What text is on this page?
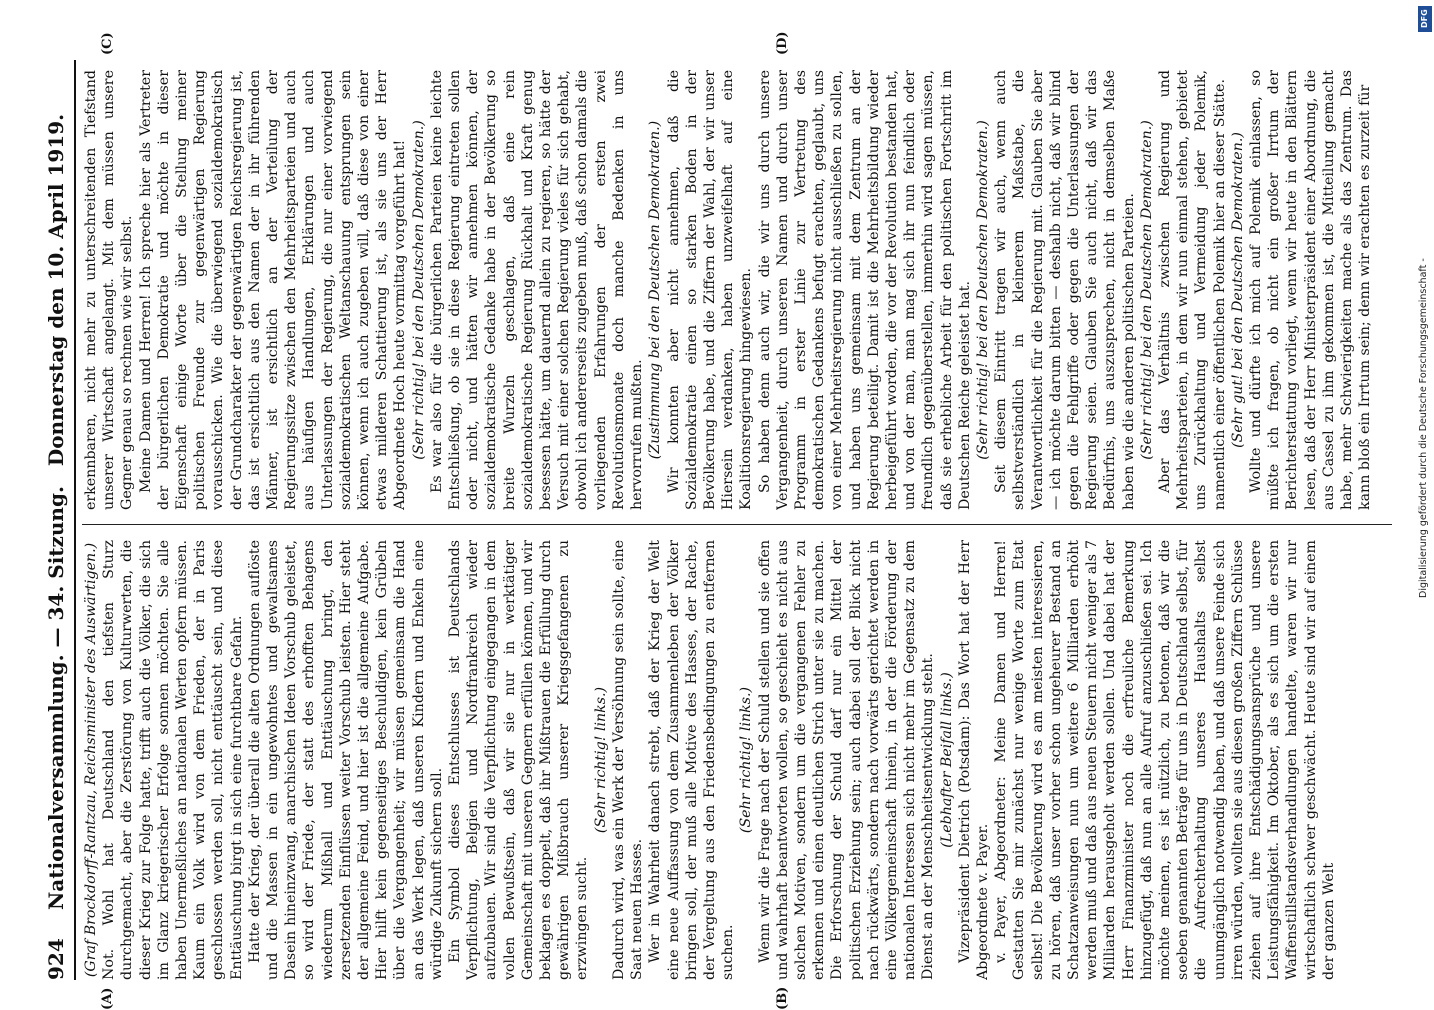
924
Nationalversammlung. — 34. Sitzung.
Donnerstag den 10. April 1919.
(A)	(B)
(C)	(D)

(Graf Brockdorff-Rantzau, Reichsminister des Auswärtigen.) Not. Wohl hat Deutschland den tiefsten Sturz durchgemacht, aber die Zerstörung von Kulturwerten, die dieser Krieg zur Folge hatte, trifft auch die Völker, die sich im Glanz kriegerischer Erfolge sonnen möchten. Sie alle haben Unermeßliches an nationalen Werten opfern müssen. Kaum ein Volk wird von dem Frieden, der in Paris geschlossen werden soll, nicht enttäuscht sein, und diese Enttäuschung birgt in sich eine furchtbare Gefahr. Hatte der Krieg, der überall die alten Ordnungen auflöste und die Massen in ein ungewohntes und gewaltsames Dasein hineinzwang, anarchischen Ideen Vorschub geleistet, so wird der Friede, der statt des erhofften Behagens wiederum Mißhall und Enttäuschung bringt, den zersetzenden Einflüssen weiter Vorschub leisten. Hier steht der allgemeine Feind, und hier ist die allgemeine Aufgabe. Hier hilft kein gegenseitiges Beschuldigen, kein Grübeln über die Vergangenheit; wir müssen gemeinsam die Hand an das Werk legen, daß unseren Kindern und Enkeln eine würdige Zukunft sichern soll. Ein Symbol dieses Entschlusses ist Deutschlands Verpflichtung, Belgien und Nordfrankreich wieder aufzubauen. Wir sind die Verpflichtung eingegangen in dem vollen Bewußtsein, daß wir sie nur in werktätiger Gemeinschaft mit unseren Gegnern erfüllen können, und wir beklagen es doppelt, daß ihr Mißtrauen die Erfüllung durch gewährigen Mißbrauch unserer Kriegsgefangenen zu erzwingen sucht.

(Sehr richtig! links.) Dadurch wird, was ein Werk der Versöhnung sein sollte, eine Saat neuen Hasses. Wer in Wahrheit danach strebt, daß der Krieg der Welt eine neue Auffassung von dem Zusammenleben der Völker bringen soll, der muß alle Motive des Hasses, der Rache, der Vergeltung aus den Friedensbedingungen zu entfernen suchen.

(Sehr richtig! links.) Wenn wir die Frage nach der Schuld stellen und sie offen und wahrhaft beantworten wollen, so geschieht es nicht aus solchen Motiven, sondern um die vergangenen Fehler zu erkennen und einen deutlichen Strich unter sie zu machen. Die Erforschung der Schuld darf nur ein Mittel der politischen Erziehung sein; auch dabei soll der Blick nicht nach rückwärts, sondern nach vorwärts gerichtet werden in eine Völkergemeinschaft hinein, in der die Förderung der nationalen Interessen sich nicht mehr im Gegensatz zu dem Dienst an der Menschheitsentwicklung steht. (Lebhafter Beifall links.) Vizepräsident Dietrich (Potsdam): Das Wort hat der Herr Abgeordnete v. Payer. v. Payer, Abgeordneter: Meine Damen und Herren! Gestatten Sie mir zunächst nur wenige Worte zum Etat selbst! Die Bevölkerung wird es am meisten interessieren, zu hören, daß unser vorher schon ungeheurer Bestand an Schatzanweisungen nun um weitere 6 Milliarden erhöht werden muß und daß aus neuen Steuern nicht weniger als 7 Milliarden herausgeholt werden sollen. Und dabei hat der Herr Finanzminister noch die erfreuliche Bemerkung hinzugefügt, daß nun an alle Aufruf anzuschließen sei. Ich möchte meinen, es ist nützlich, zu betonen, daß wir die soeben genannten Beträge für uns in Deutschland selbst, für die Aufrechterhaltung unseres Haushalts selbst unumgänglich notwendig haben, und daß unsere Feinde sich irren würden, wollten sie aus diesen großen Ziffern Schlüsse ziehen auf ihre Entschädigungsansprüche und unsere Leistungsfähigkeit. Im Oktober, als es sich um die ersten Waffenstillstandsverhandlungen handelte, waren wir nur wirtschaftlich schwer geschwächt. Heute sind wir auf einem der ganzen Welt

erkennbaren, nicht mehr zu unterschreitenden Tiefstand unserer Wirtschaft angelangt. Mit dem müssen unsere Gegner genau so rechnen wie wir selbst. Meine Damen und Herren! Ich spreche hier als Vertreter der bürgerlichen Demokratie und möchte in dieser Eigenschaft einige Worte über die Stellung meiner politischen Freunde zur gegenwärtigen Regierung vorausschicken. Wie die überwiegend sozialdemokratisch der Grundcharakter der gegenwärtigen Reichsregierung ist, das ist ersichtlich aus den Namen der in ihr führenden Männer, ist ersichtlich an der Verteilung der Regierungssitze zwischen den Mehrheitsparteien und auch aus häufigen Handlungen, Erklärungen und auch Unterlassungen der Regierung, die nur einer vorwiegend sozialdemokratischen Weltanschauung entsprungen sein können, wenn ich auch zugeben will, daß diese von einer etwas milderen Schattierung ist, als sie uns der Herr Abgeordnete Hoch heute vormittag vorgeführt hat! (Sehr richtig! bei den Deutschen Demokraten.) Es war also für die bürgerlichen Parteien keine leichte Entschließung, ob sie in diese Regierung eintreten sollen oder nicht, und hätten wir annehmen können, der sozialdemokratische Gedanke habe in der Bevölkerung so breite Wurzeln geschlagen, daß eine rein sozialdemokratische Regierung Rückhalt und Kraft genug besessen hätte, um dauernd allein zu regieren, so hätte der Versuch mit einer solchen Regierung vieles für sich gehabt, obwohl ich andererseits zugeben muß, daß schon damals die vorliegenden Erfahrungen der ersten zwei Revolutionsmonate doch manche Bedenken in uns hervorrufen mußten. (Zustimmung bei den Deutschen Demokraten.) Wir konnten aber nicht annehmen, daß die Sozialdemokratie einen so starken Boden in der Bevölkerung habe, und die Ziffern der Wahl, der wir unser Hiersein verdanken, haben unzweifelhaft auf eine Koalitionsregierung hingewiesen. So haben denn auch wir, die wir uns durch unsere Vergangenheit, durch unseren Namen und durch unser Programm in erster Linie zur Vertretung des demokratischen Gedankens befugt erachten, geglaubt, uns von einer Mehrheitsregierung nicht ausschließen zu sollen, und haben uns gemeinsam mit dem Zentrum an der Regierung beteiligt. Damit ist die Mehrheitsbildung wieder herbeigeführt worden, die vor der Revolution bestanden hat, und von der man, man mag sich ihr nun feindlich oder freundlich gegenüberstellen, immerhin wird sagen müssen, daß sie erhebliche Arbeit für den politischen Fortschritt im Deutschen Reiche geleistet hat. (Sehr richtig! bei den Deutschen Demokraten.) Seit diesem Eintritt tragen wir auch, wenn auch selbstverständlich in kleinerem Maßstabe, die Verantwortlichkeit für die Regierung mit. Glauben Sie aber — ich möchte darum bitten — deshalb nicht, daß wir blind gegen die Fehlgriffe oder gegen die Unterlassungen der Regierung seien. Glauben Sie auch nicht, daß wir das Bedürfnis, uns auszusprechen, nicht in demselben Maße haben wie die anderen politischen Parteien. (Sehr richtig! bei den Deutschen Demokraten.) Aber das Verhältnis zwischen Regierung und Mehrheitsparteien, in dem wir nun einmal stehen, gebietet uns Zurückhaltung und Vermeidung jeder Polemik, namentlich einer öffentlichen Polemik hier an dieser Stätte. (Sehr gut! bei den Deutschen Demokraten.) Wollte und dürfte ich mich auf Polemik einlassen, so müßte ich fragen, ob nicht ein großer Irrtum der Berichterstattung vorliegt, wenn wir heute in den Blättern lesen, daß der Herr Ministerpräsident einer Abordnung, die aus Cassel zu ihm gekommen ist, die Mitteilung gemacht habe, mehr Schwierigkeiten mache als das Zentrum. Das kann bloß ein Irrtum sein; denn wir erachten es zurzeit für

DFG
Digitalisierung gefördert durch die Deutsche Forschungsgemeinschaft -
